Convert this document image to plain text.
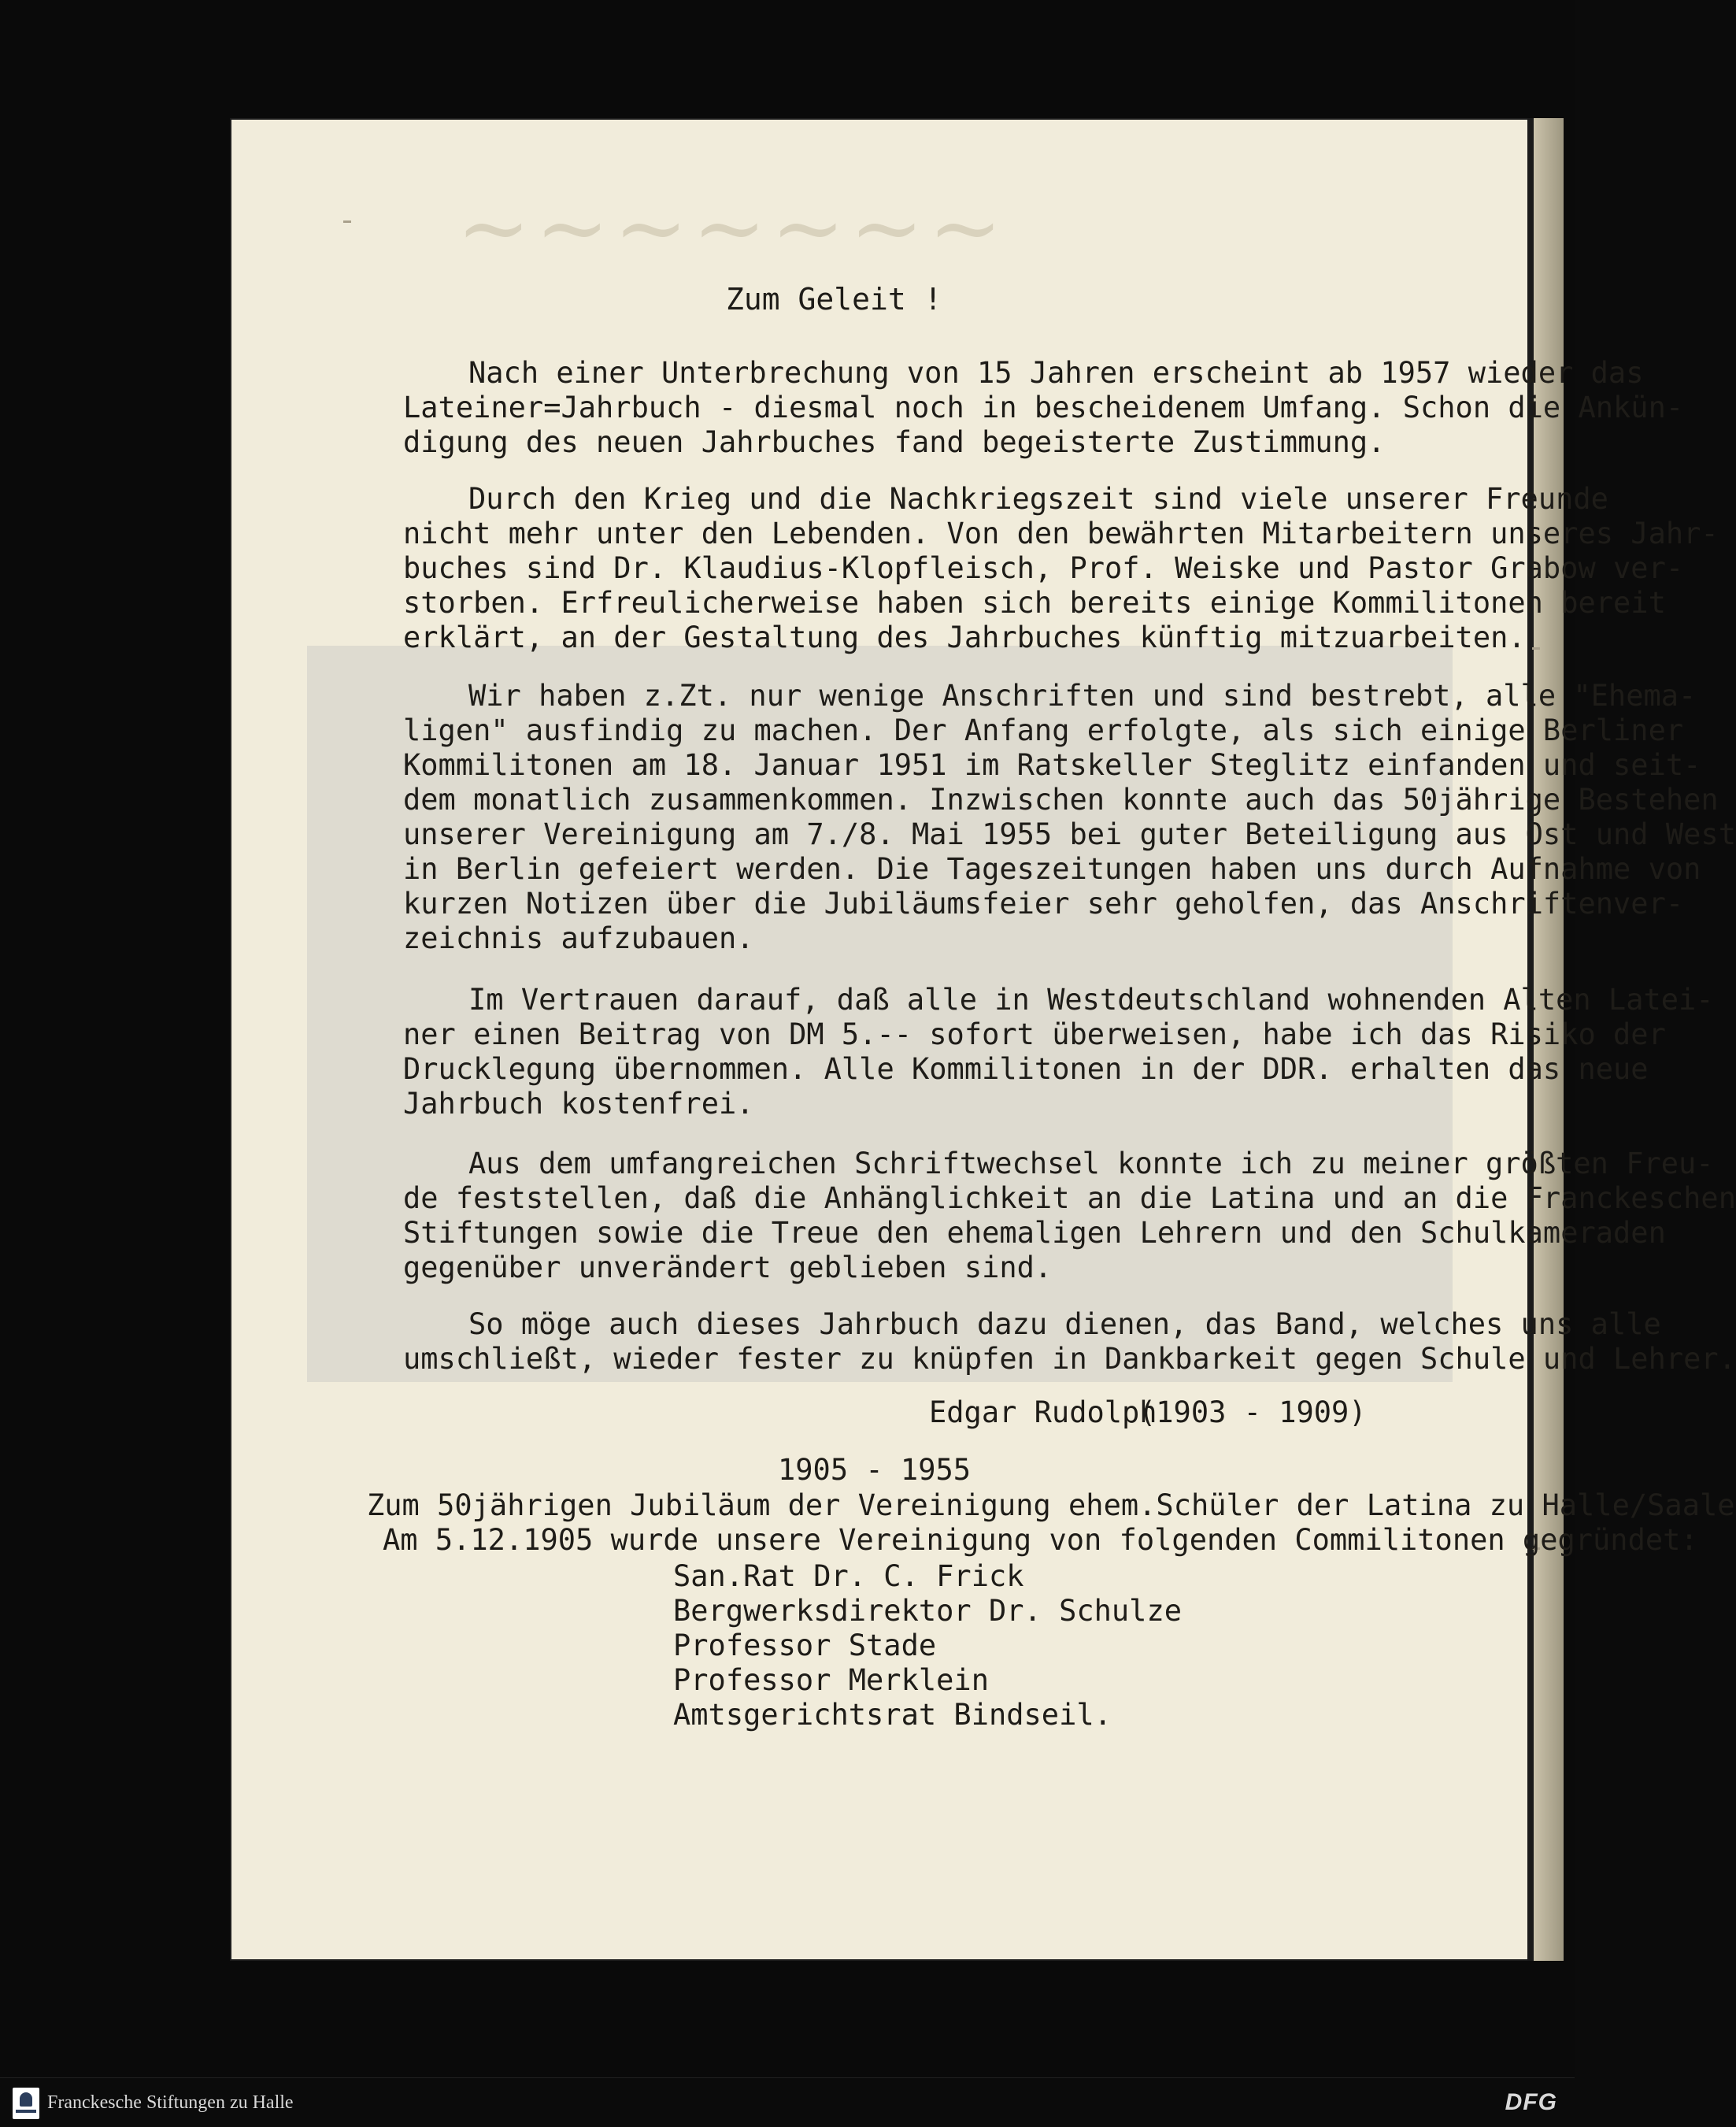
~~~~~~~
Zum Geleit !
Nach einer Unterbrechung von 15 Jahren erscheint ab 1957 wieder das
Lateiner=Jahrbuch - diesmal noch in bescheidenem Umfang. Schon die Ankün-
digung des neuen Jahrbuches fand begeisterte Zustimmung.
Durch den Krieg und die Nachkriegszeit sind viele unserer Freunde
nicht mehr unter den Lebenden. Von den bewährten Mitarbeitern unseres Jahr-
buches sind Dr. Klaudius-Klopfleisch, Prof. Weiske und Pastor Grabow ver-
storben. Erfreulicherweise haben sich bereits einige Kommilitonen bereit
erklärt, an der Gestaltung des Jahrbuches künftig mitzuarbeiten.
Wir haben z.Zt. nur wenige Anschriften und sind bestrebt, alle "Ehema-
ligen" ausfindig zu machen. Der Anfang erfolgte, als sich einige Berliner
Kommilitonen am 18. Januar 1951 im Ratskeller Steglitz einfanden und seit-
dem monatlich zusammenkommen. Inzwischen konnte auch das 50jährige Bestehen
unserer Vereinigung am 7./8. Mai 1955 bei guter Beteiligung aus Ost und West
in Berlin gefeiert werden. Die Tageszeitungen haben uns durch Aufnahme von
kurzen Notizen über die Jubiläumsfeier sehr geholfen, das Anschriftenver-
zeichnis aufzubauen.
Im Vertrauen darauf, daß alle in Westdeutschland wohnenden Alten Latei-
ner einen Beitrag von DM 5.-- sofort überweisen, habe ich das Risiko der
Drucklegung übernommen. Alle Kommilitonen in der DDR. erhalten das neue
Jahrbuch kostenfrei.
Aus dem umfangreichen Schriftwechsel konnte ich zu meiner größten Freu-
de feststellen, daß die Anhänglichkeit an die Latina und an die Franckeschen
Stiftungen sowie die Treue den ehemaligen Lehrern und den Schulkameraden
gegenüber unverändert geblieben sind.
So möge auch dieses Jahrbuch dazu dienen, das Band, welches uns alle
umschließt, wieder fester zu knüpfen in Dankbarkeit gegen Schule und Lehrer.
Edgar Rudolph
(1903 - 1909)
1905 - 1955
Zum 50jährigen Jubiläum der Vereinigung ehem.Schüler der Latina zu Halle/Saale
Am 5.12.1905 wurde unsere Vereinigung von folgenden Commilitonen gegründet:
San.Rat Dr. C. Frick
Bergwerksdirektor Dr. Schulze
Professor Stade
Professor Merklein
Amtsgerichtsrat Bindseil.
Franckesche Stiftungen zu Halle	DFG
